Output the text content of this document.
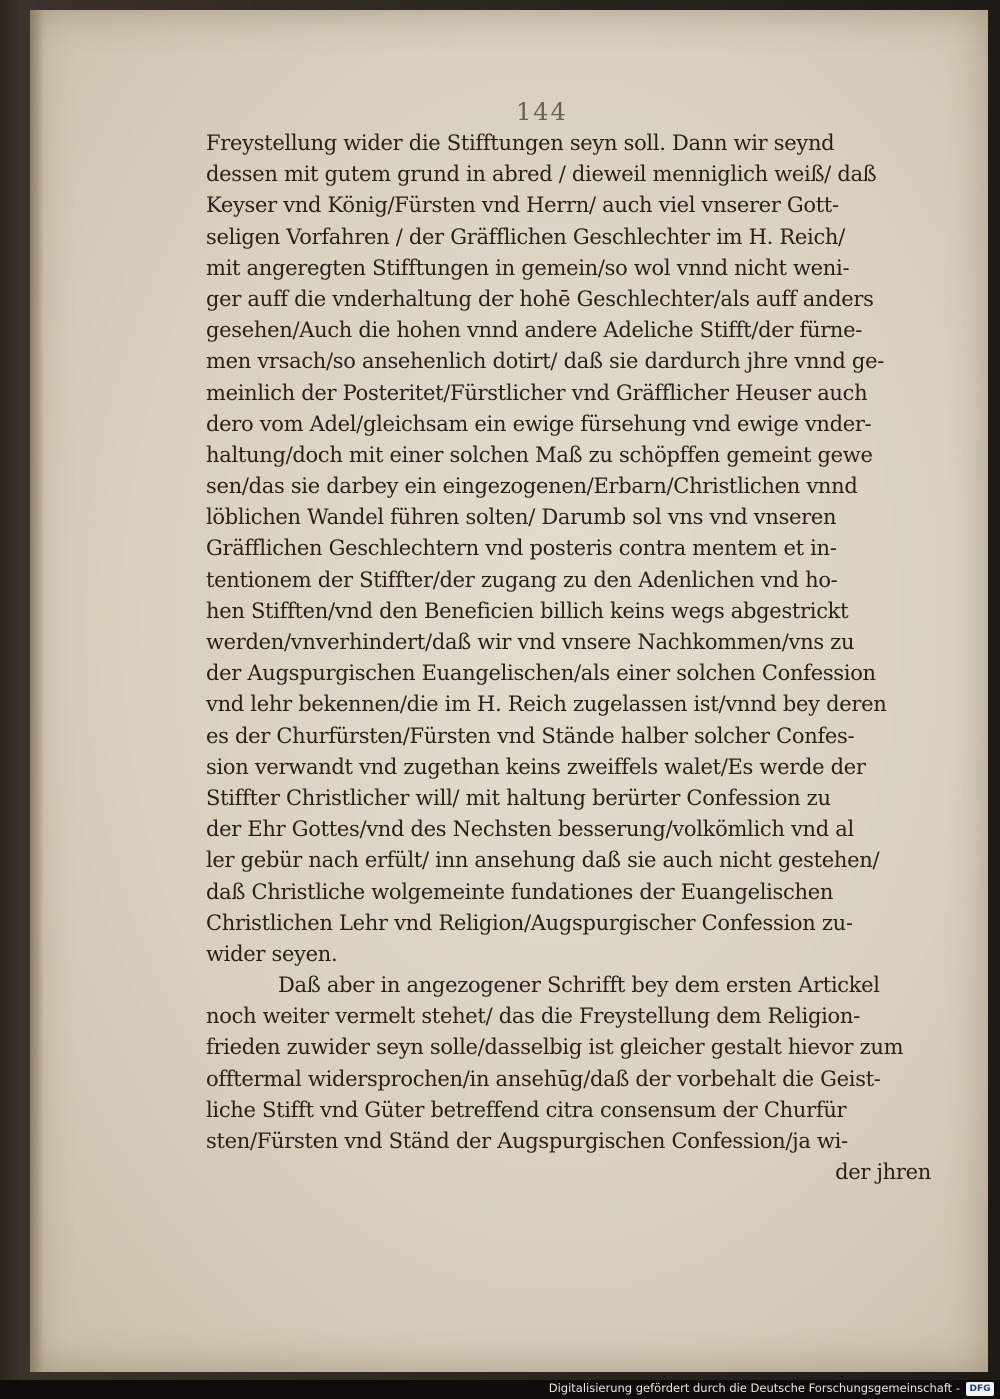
144
Freystellung wider die Stifftungen seyn soll. Dann wir seynd
dessen mit gutem grund in abred / dieweil menniglich weiß/ daß
Keyser vnd König/Fürsten vnd Herrn/ auch viel vnserer Gott-
seligen Vorfahren / der Gräfflichen Geschlechter im H. Reich/
mit angeregten Stifftungen in gemein/so wol vnnd nicht weni-
ger auff die vnderhaltung der hohē Geschlechter/als auff anders
gesehen/Auch die hohen vnnd andere Adeliche Stifft/der fürne-
men vrsach/so ansehenlich dotirt/ daß sie dardurch jhre vnnd ge-
meinlich der Posteritet/Fürstlicher vnd Gräfflicher Heuser auch
dero vom Adel/gleichsam ein ewige fürsehung vnd ewige vnder-
haltung/doch mit einer solchen Maß zu schöpffen gemeint gewe
sen/das sie darbey ein eingezogenen/Erbarn/Christlichen vnnd
löblichen Wandel führen solten/ Darumb sol vns vnd vnseren
Gräfflichen Geschlechtern vnd posteris contra mentem et in-
tentionem der Stiffter/der zugang zu den Adenlichen vnd ho-
hen Stifften/vnd den Beneficien billich keins wegs abgestrickt
werden/vnverhindert/daß wir vnd vnsere Nachkommen/vns zu
der Augspurgischen Euangelischen/als einer solchen Confession
vnd lehr bekennen/die im H. Reich zugelassen ist/vnnd bey deren
es der Churfürsten/Fürsten vnd Stände halber solcher Confes-
sion verwandt vnd zugethan keins zweiffels walet/Es werde der
Stiffter Christlicher will/ mit haltung berürter Confession zu
der Ehr Gottes/vnd des Nechsten besserung/volkömlich vnd al
ler gebür nach erfült/ inn ansehung daß sie auch nicht gestehen/
daß Christliche wolgemeinte fundationes der Euangelischen
Christlichen Lehr vnd Religion/Augspurgischer Confession zu-
wider seyen.
Daß aber in angezogener Schrifft bey dem ersten Artickel
noch weiter vermelt stehet/ das die Freystellung dem Religion-
frieden zuwider seyn solle/dasselbig ist gleicher gestalt hievor zum
offtermal widersprochen/in ansehūg/daß der vorbehalt die Geist-
liche Stifft vnd Güter betreffend citra consensum der Churfür
sten/Fürsten vnd Ständ der Augspurgischen Confession/ja wi-
der jhren
Digitalisierung gefördert durch die Deutsche Forschungsgemeinschaft -	DFG
